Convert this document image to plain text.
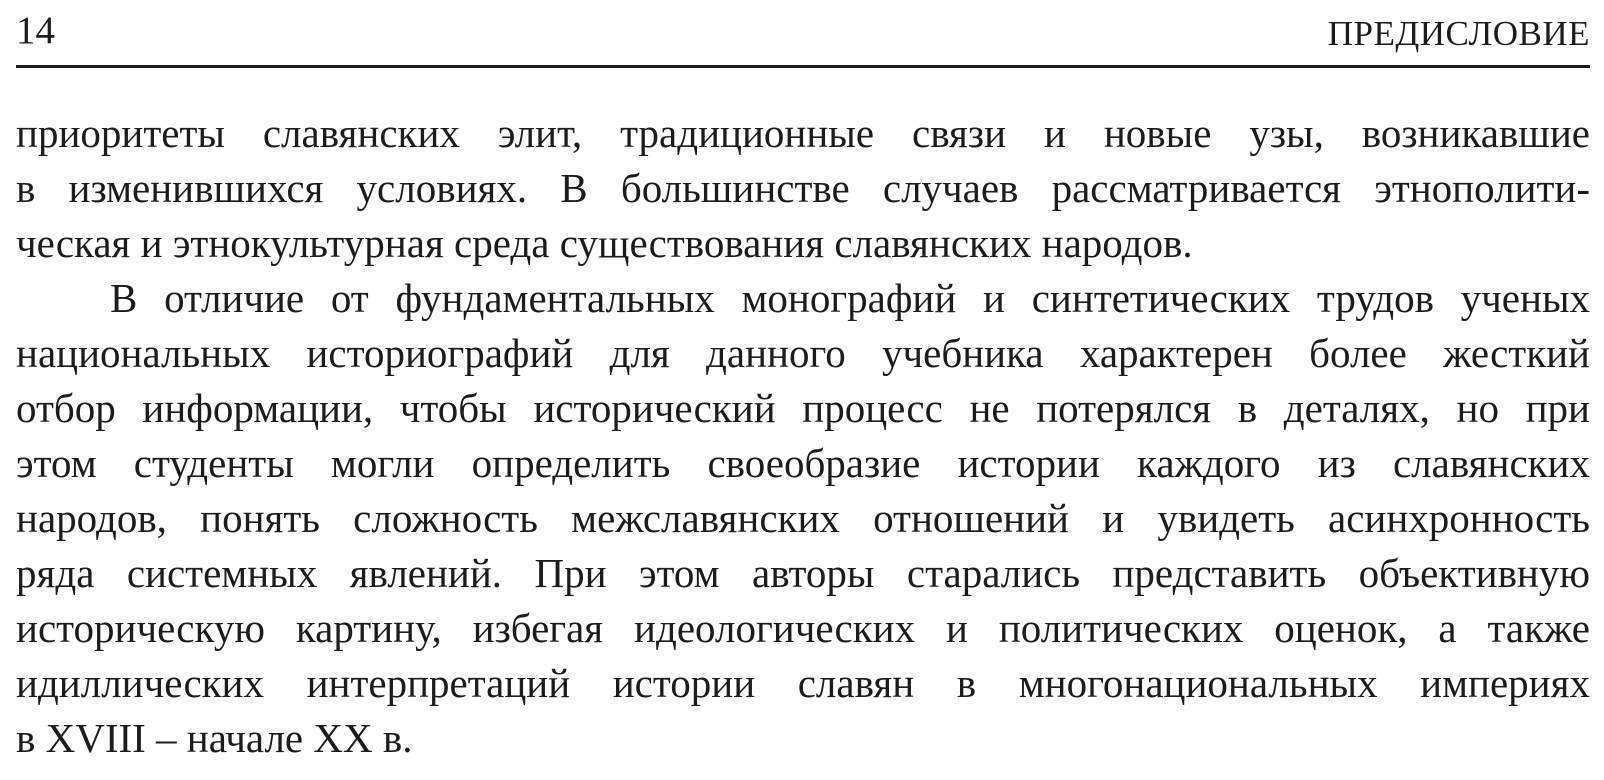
14	ПРЕДИСЛОВИЕ
приоритеты славянских элит, традиционные связи и новые узы, возникавшие
в изменившихся условиях. В большинстве случаев рассматривается этнополити-
ческая и этнокультурная среда существования славянских народов.
В отличие от фундаментальных монографий и синтетических трудов ученых
национальных историографий для данного учебника характерен более жесткий
отбор информации, чтобы исторический процесс не потерялся в деталях, но при
этом студенты могли определить своеобразие истории каждого из славянских
народов, понять сложность межславянских отношений и увидеть асинхронность
ряда системных явлений. При этом авторы старались представить объективную
историческую картину, избегая идеологических и политических оценок, а также
идиллических интерпретаций истории славян в многонациональных империях
в XVIII – начале XX в.
